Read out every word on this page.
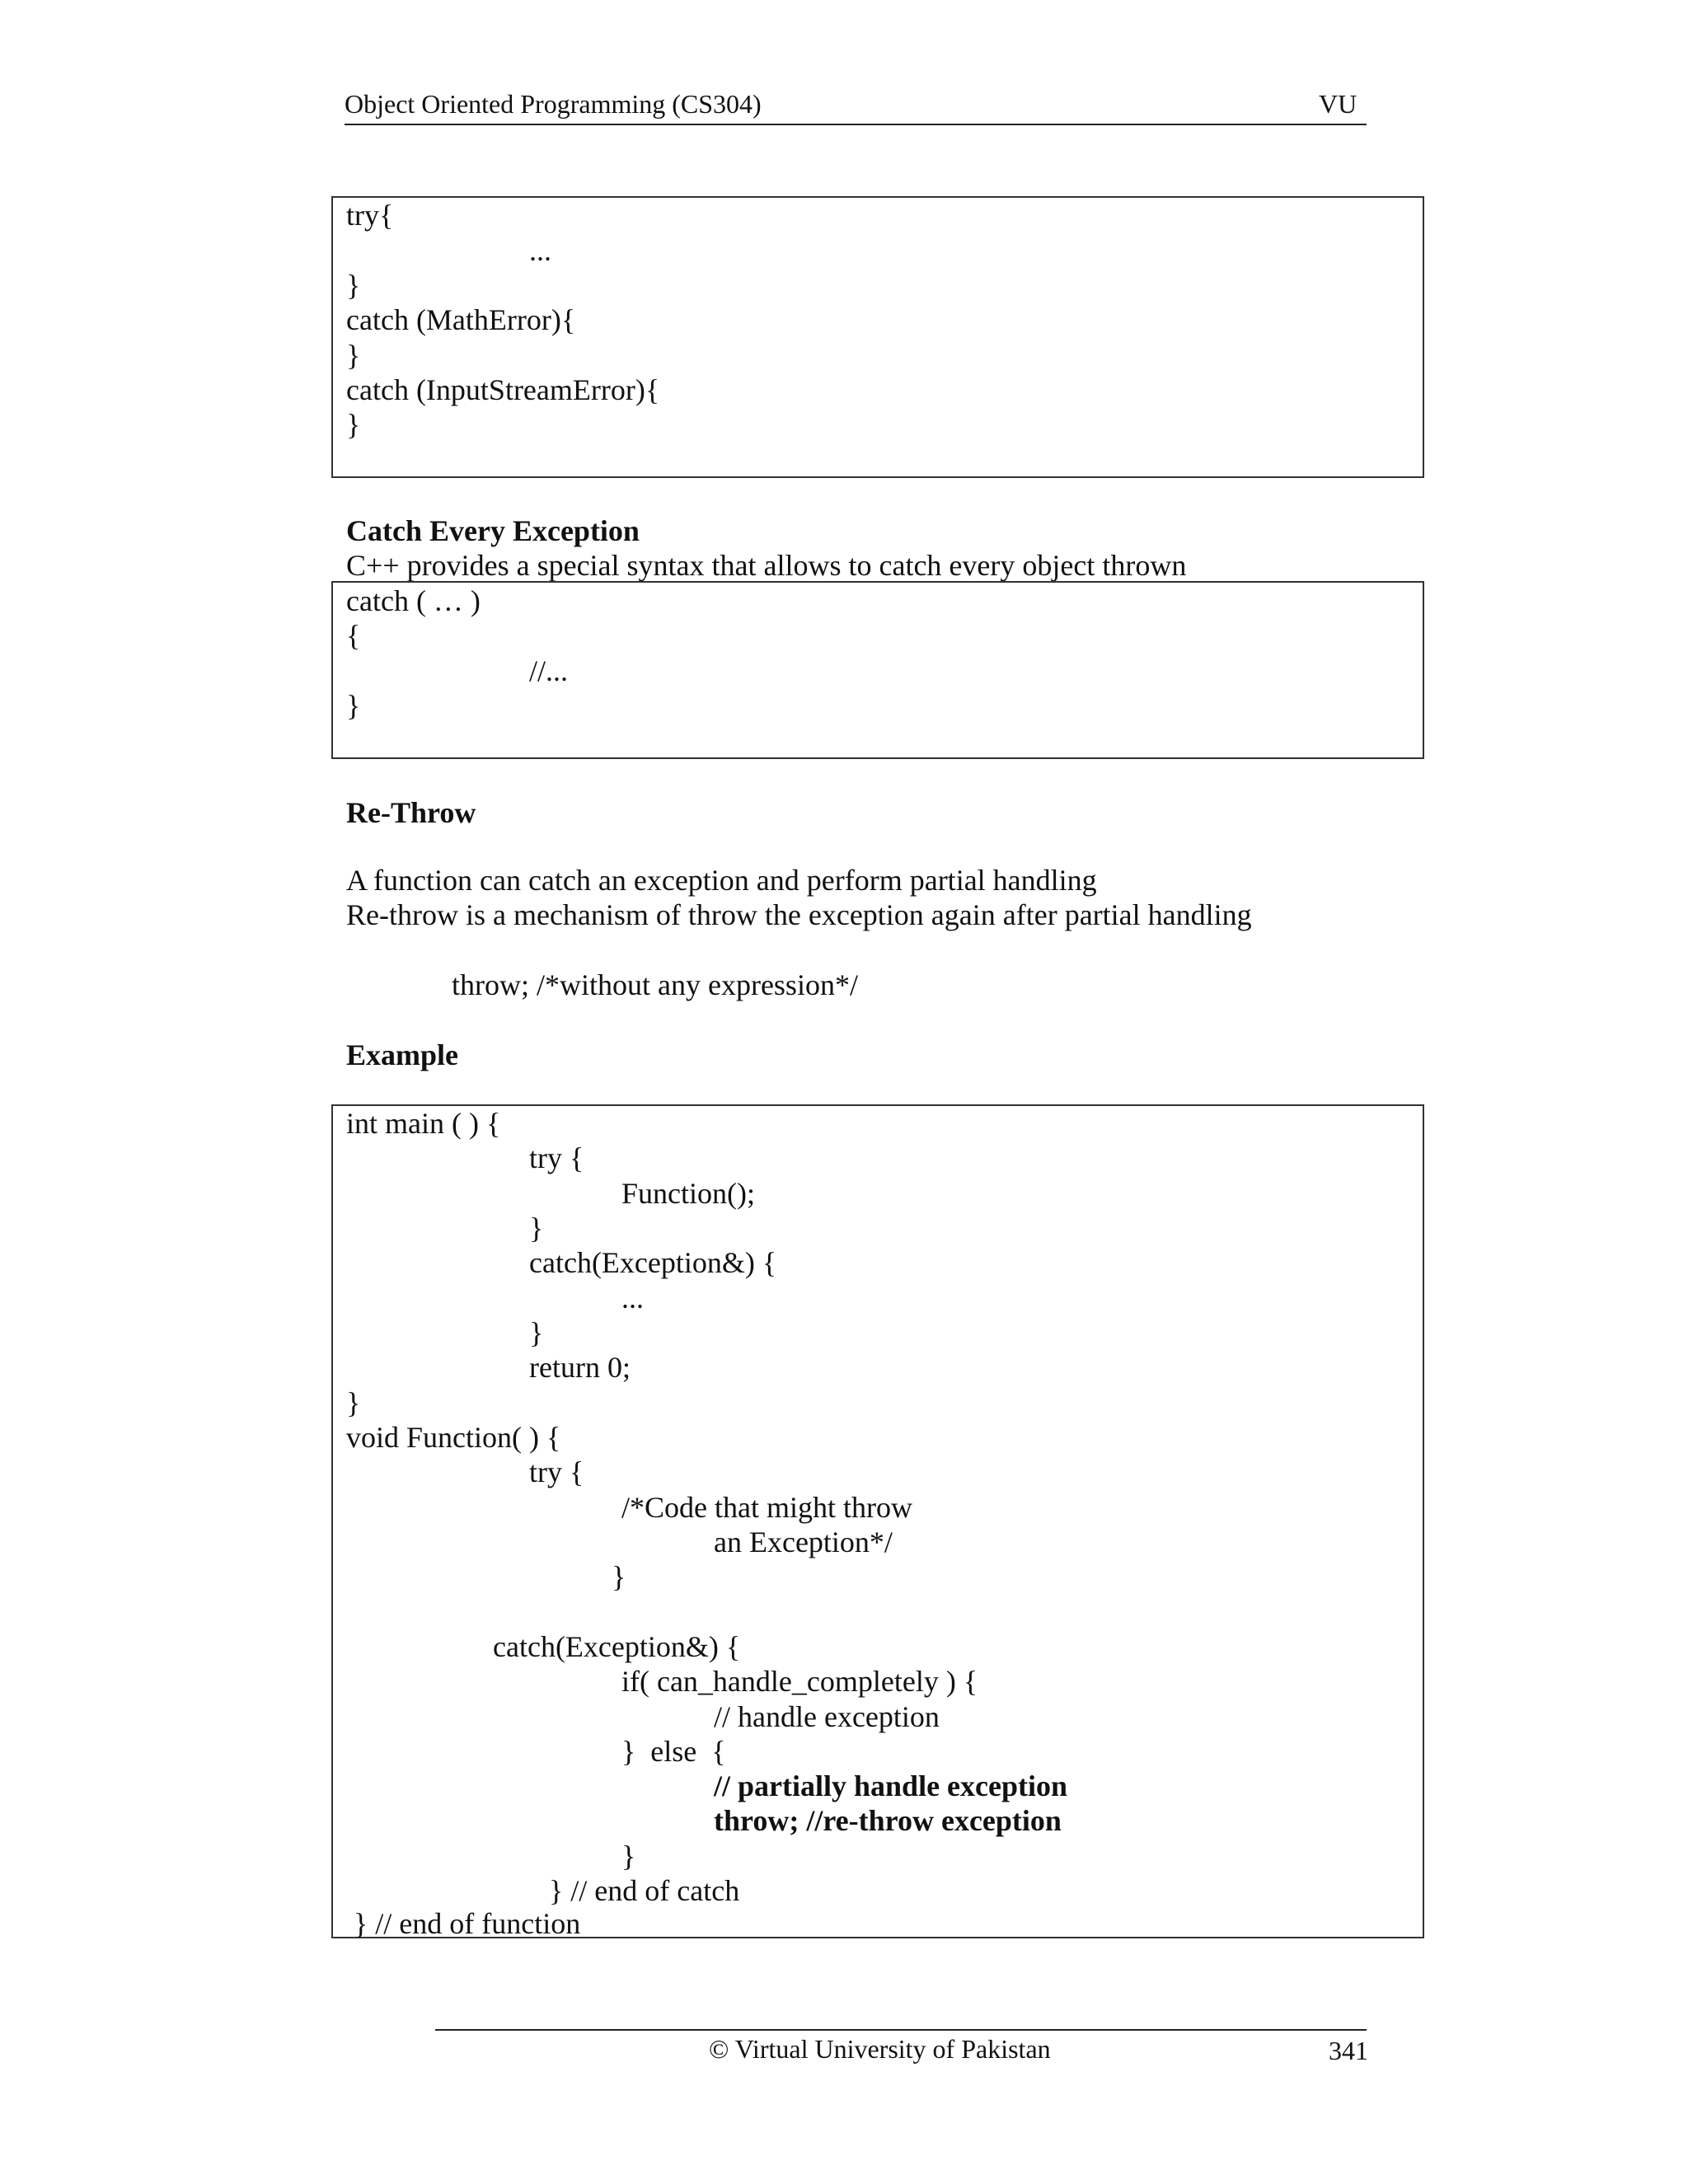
Object Oriented Programming (CS304)	VU
try{
...
}
catch (MathError){
}
catch (InputStreamError){
}
Catch Every Exception
C++ provides a special syntax that allows to catch every object thrown
catch ( … )
{
//...
}
Re-Throw
A function can catch an exception and perform partial handling
Re-throw is a mechanism of throw the exception again after partial handling
throw; /*without any expression*/
Example
int main ( ) {
try {
Function();
}
catch(Exception&) {
...
}
return 0;
}
void Function( ) {
try {
/*Code that might throw
an Exception*/
}
catch(Exception&) {
if( can_handle_completely ) {
// handle exception
}  else  {
// partially handle exception
throw; //re-throw exception
}
} // end of catch
} // end of function
© Virtual University of Pakistan	341
